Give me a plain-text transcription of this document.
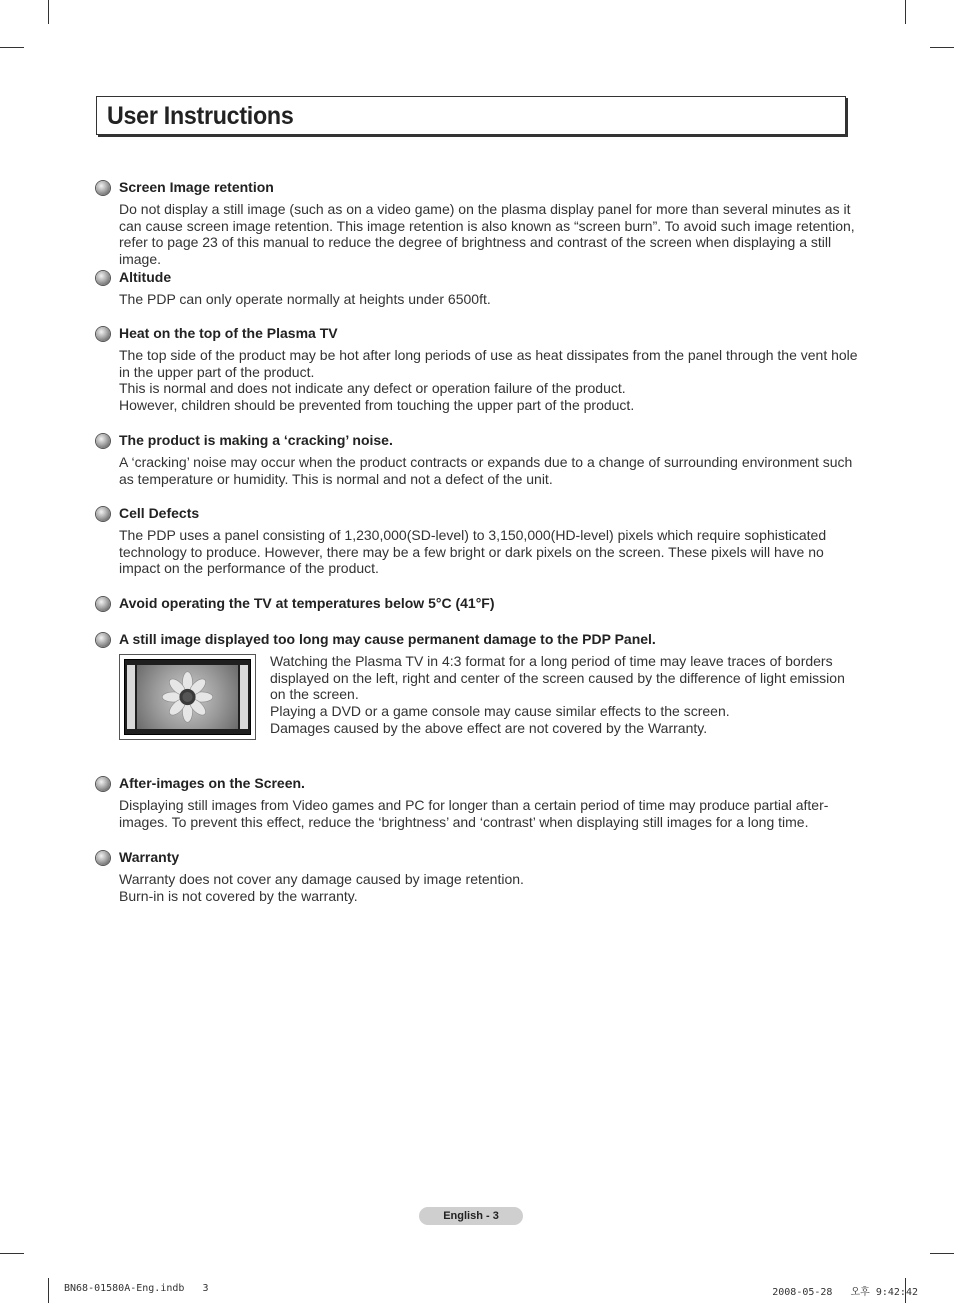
User Instructions
Screen Image retention

Do not display a still image (such as on a video game) on the plasma display panel for more than several minutes as it can cause screen image retention. This image retention is also known as “screen burn”. To avoid such image retention, refer to page 23 of this manual to reduce the degree of brightness and contrast of the screen when displaying a still image.

Altitude

The PDP can only operate normally at heights under 6500ft.

Heat on the top of the Plasma TV

The top side of the product may be hot after long periods of use as heat dissipates from the panel through the vent hole in the upper part of the product.

This is normal and does not indicate any defect or operation failure of the product.

However, children should be prevented from touching the upper part of the product.

The product is making a ‘cracking’ noise.

A ‘cracking’ noise may occur when the product contracts or expands due to a change of surrounding environment such as temperature or humidity. This is normal and not a defect of the unit.

Cell Defects

The PDP uses a panel consisting of 1,230,000(SD-level) to 3,150,000(HD-level) pixels which require sophisticated technology to produce. However, there may be a few bright or dark pixels on the screen. These pixels will have no impact on the performance of the product.

Avoid operating the TV at temperatures below 5°C (41°F)
A still image displayed too long may cause permanent damage to the PDP Panel.

Watching the Plasma TV in 4:3 format for a long period of time may leave traces of borders displayed on the left, right and center of the screen caused by the difference of light emission on the screen.

Playing a DVD or a game console may cause similar effects to the screen.

Damages caused by the above effect are not covered by the Warranty.

After-images on the Screen.

Displaying still images from Video games and PC for longer than a certain period of time may produce partial after-images. To prevent this effect, reduce the ‘brightness’ and ‘contrast’ when displaying still images for a long time.

Warranty

Warranty does not cover any damage caused by image retention.

Burn-in is not covered by the warranty.

English - 3
BN68-01580A-Eng.indb   3	2008-05-28   오후 9:42:42
